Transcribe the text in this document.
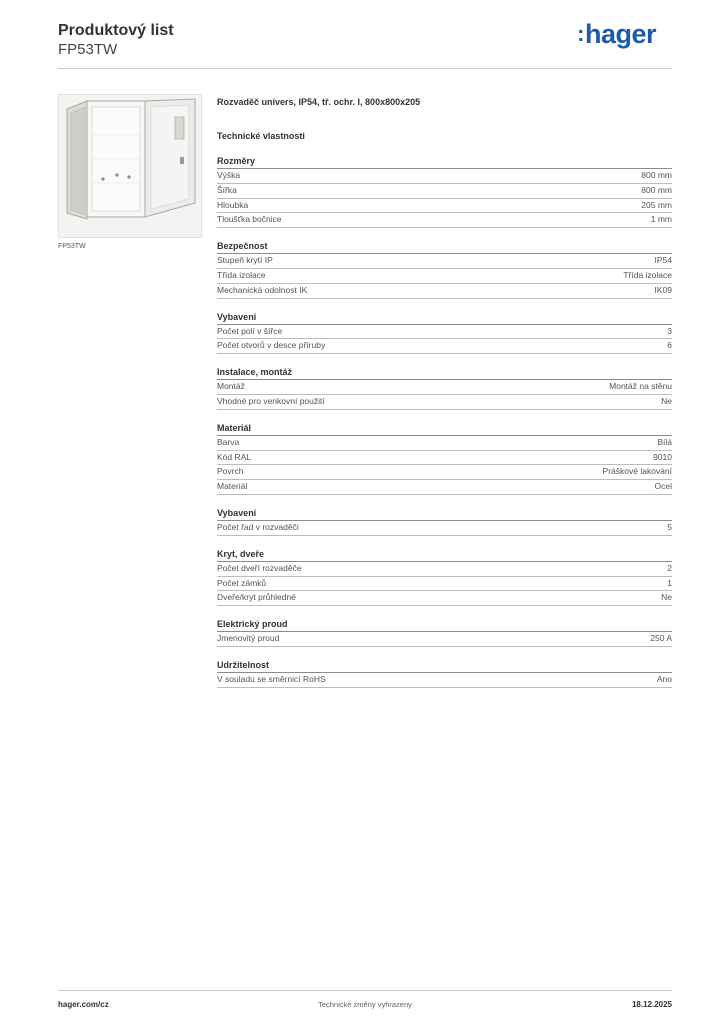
Produktový list
FP53TW
:hager
FP53TW
Rozvaděč univers, IP54, tř. ochr. I, 800x800x205
Technické vlastnosti
Rozměry
Výška	800 mm
Šířka	800 mm
Hloubka	205 mm
Tloušťka bočnice	1 mm
Bezpečnost
Stupeň krytí IP	IP54
Třída izolace	Třída izolace
Mechanická odolnost IK	IK09
Vybavení
Počet polí v šířce	3
Počet otvorů v desce příruby	6
Instalace, montáž
Montáž	Montáž na stěnu
Vhodné pro venkovní použití	Ne
Materiál
Barva	Bílá
Kód RAL	9010
Povrch	Práškové lakování
Materiál	Ocel
Vybavení
Počet řad v rozvaděči	5
Kryt, dveře
Počet dveří rozvaděče	2
Počet zámků	1
Dveře/kryt průhledné	Ne
Elektrický proud
Jmenovitý proud	250 A
Udržitelnost
V souladu se směrnicí RoHS	Ano
hager.com/cz	Technické změny vyhrazeny	18.12.2025
